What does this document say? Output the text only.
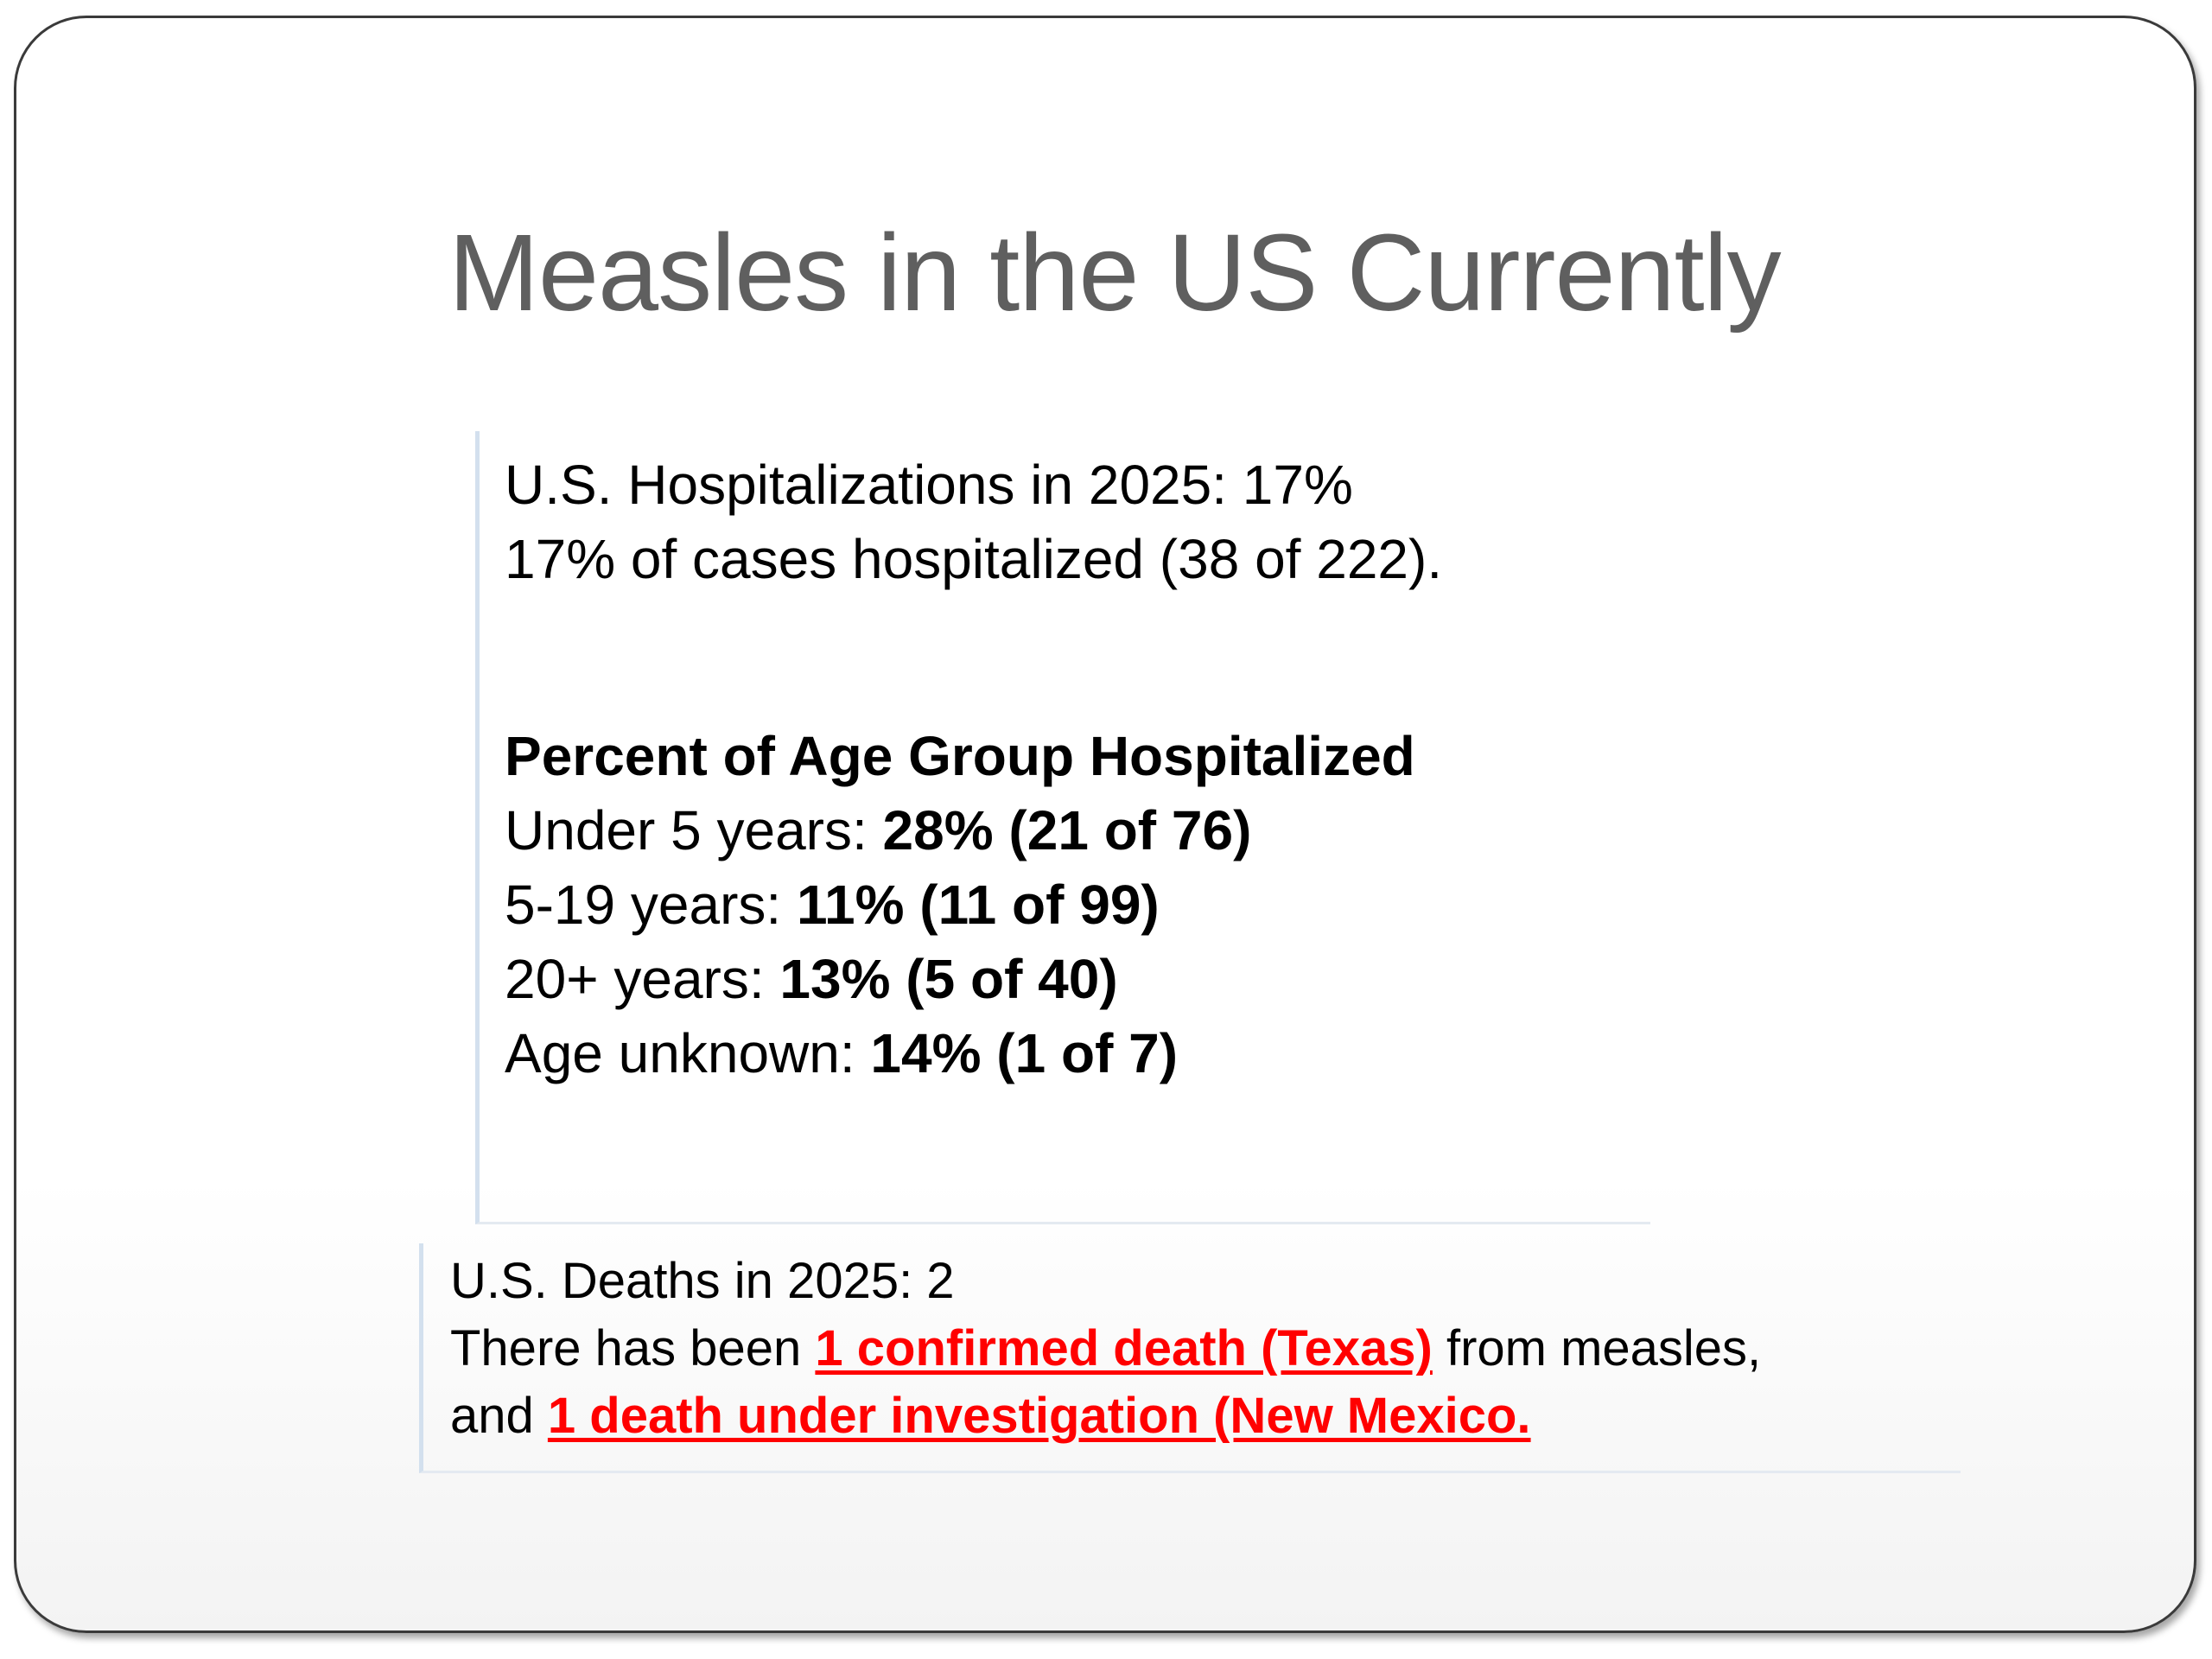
Measles in the US Currently
U.S. Hospitalizations in 2025: 17%
17% of cases hospitalized (38 of 222).
Percent of Age Group Hospitalized
Under 5 years: 28% (21 of 76)
5-19 years: 11% (11 of 99)
20+ years: 13% (5 of 40)
Age unknown: 14% (1 of 7)
U.S. Deaths in 2025: 2
There has been 1 confirmed death (Texas) from measles,
and 1 death under investigation (New Mexico.
